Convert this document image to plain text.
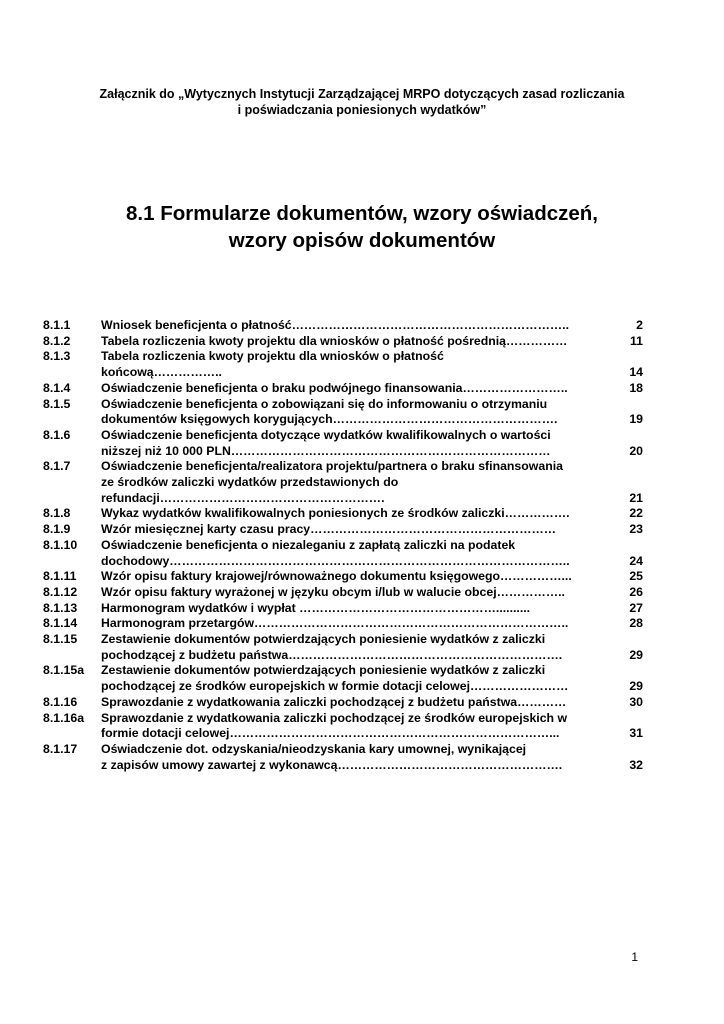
Załącznik do „Wytycznych Instytucji Zarządzającej MRPO dotyczących zasad rozliczania
i poświadczania poniesionych wydatków”
8.1 Formularze dokumentów, wzory oświadczeń,
wzory opisów dokumentów
8.1.1	Wniosek beneficjenta o płatność…………………………………………………………..	2
8.1.2	Tabela rozliczenia kwoty projektu dla wniosków o płatność pośrednią……………	11
8.1.3	Tabela rozliczenia kwoty projektu dla wniosków o płatność
końcową……………..	14
8.1.4	Oświadczenie beneficjenta o braku podwójnego finansowania……………………..	18
8.1.5	Oświadczenie beneficjenta o zobowiązani się do informowaniu o otrzymaniu
dokumentów księgowych korygujących……………………………………………….	19
8.1.6	Oświadczenie beneficjenta dotyczące wydatków kwalifikowalnych o wartości
niższej niż 10 000 PLN……………………………………………………………………	20
8.1.7	Oświadczenie beneficjenta/realizatora projektu/partnera o braku sfinansowania
ze środków zaliczki wydatków przedstawionych do
refundacji……………………………………………….	21
8.1.8	Wykaz wydatków kwalifikowalnych poniesionych ze środków zaliczki…………….	22
8.1.9	Wzór miesięcznej karty czasu pracy……………………………………………………	23
8.1.10	Oświadczenie beneficjenta o niezaleganiu z zapłatą zaliczki na podatek
dochodowy……………………………………………………………………………………..	24
8.1.11	Wzór opisu faktury krajowej/równoważnego dokumentu księgowego……………...	25
8.1.12	Wzór opisu faktury wyrażonej w języku obcym i/lub w walucie obcej……………..	26
8.1.13	Harmonogram wydatków i wypłat …………………………………………..........	27
8.1.14	Harmonogram przetargów…………………………………………………………………..	28
8.1.15	Zestawienie dokumentów potwierdzających poniesienie wydatków z zaliczki
pochodzącej z budżetu państwa………………………………………………………….	29
8.1.15a	Zestawienie dokumentów potwierdzających poniesienie wydatków z zaliczki
pochodzącej ze środków europejskich w formie dotacji celowej……………………	29
8.1.16	Sprawozdanie z wydatkowania zaliczki pochodzącej z budżetu państwa…………	30
8.1.16a	Sprawozdanie z wydatkowania zaliczki pochodzącej ze środków europejskich w
formie dotacji celowej……………………………………………………………………...	31
8.1.17	Oświadczenie dot. odzyskania/nieodzyskania kary umownej, wynikającej
z zapisów umowy zawartej z wykonawcą……………………………………………….	32
1
